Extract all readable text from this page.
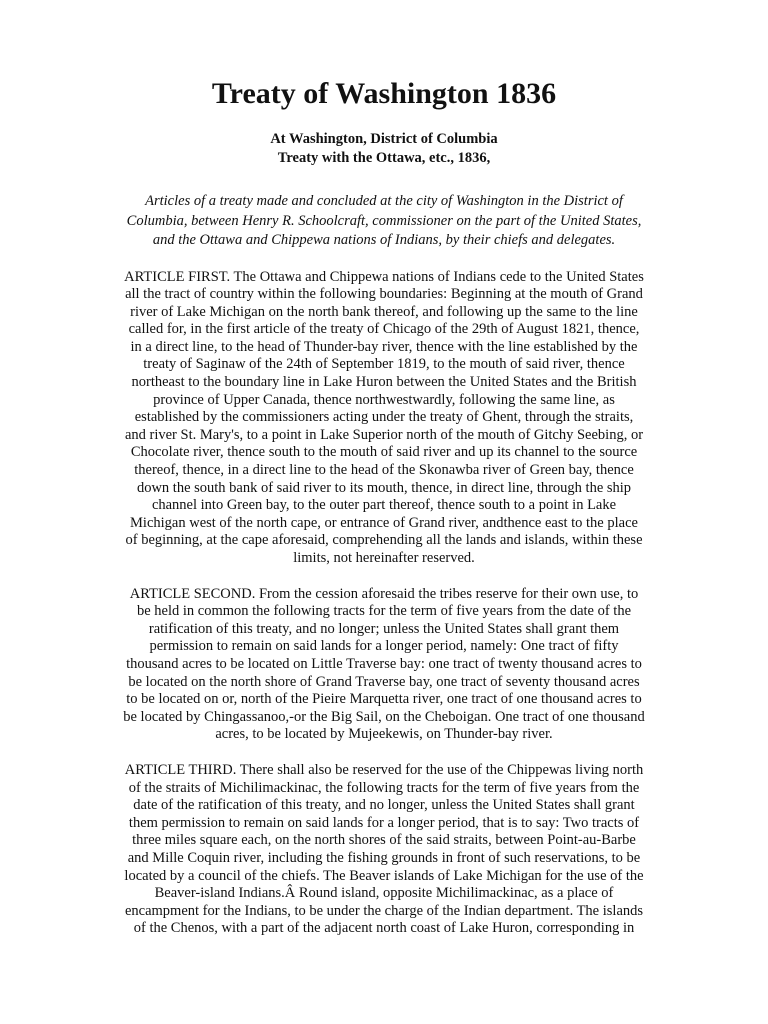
Treaty of Washington 1836
At Washington, District of Columbia
Treaty with the Ottawa, etc., 1836,
Articles of a treaty made and concluded at the city of Washington in the District of
Columbia, between Henry R. Schoolcraft, commissioner on the part of the United States,
and the Ottawa and Chippewa nations of Indians, by their chiefs and delegates.
ARTICLE FIRST. The Ottawa and Chippewa nations of Indians cede to the United States
all the tract of country within the following boundaries: Beginning at the mouth of Grand
river of Lake Michigan on the north bank thereof, and following up the same to the line
called for, in the first article of the treaty of Chicago of the 29th of August 1821, thence,
in a direct line, to the head of Thunder-bay river, thence with the line established by the
treaty of Saginaw of the 24th of September 1819, to the mouth of said river, thence
northeast to the boundary line in Lake Huron between the United States and the British
province of Upper Canada, thence northwestwardly, following the same line, as
established by the commissioners acting under the treaty of Ghent, through the straits,
and river St. Mary's, to a point in Lake Superior north of the mouth of Gitchy Seebing, or
Chocolate river, thence south to the mouth of said river and up its channel to the source
thereof, thence, in a direct line to the head of the Skonawba river of Green bay, thence
down the south bank of said river to its mouth, thence, in direct line, through the ship
channel into Green bay, to the outer part thereof, thence south to a point in Lake
Michigan west of the north cape, or entrance of Grand river, andthence east to the place
of beginning, at the cape aforesaid, comprehending all the lands and islands, within these
limits, not hereinafter reserved.
ARTICLE SECOND. From the cession aforesaid the tribes reserve for their own use, to
be held in common the following tracts for the term of five years from the date of the
ratification of this treaty, and no longer; unless the United States shall grant them
permission to remain on said lands for a longer period, namely: One tract of fifty
thousand acres to be located on Little Traverse bay: one tract of twenty thousand acres to
be located on the north shore of Grand Traverse bay, one tract of seventy thousand acres
to be located on or, north of the Pieire Marquetta river, one tract of one thousand acres to
be located by Chingassanoo,-or the Big Sail, on the Cheboigan. One tract of one thousand
acres, to be located by Mujeekewis, on Thunder-bay river.
ARTICLE THIRD. There shall also be reserved for the use of the Chippewas living north
of the straits of Michilimackinac, the following tracts for the term of five years from the
date of the ratification of this treaty, and no longer, unless the United States shall grant
them permission to remain on said lands for a longer period, that is to say: Two tracts of
three miles square each, on the north shores of the said straits, between Point-au-Barbe
and Mille Coquin river, including the fishing grounds in front of such reservations, to be
located by a council of the chiefs. The Beaver islands of Lake Michigan for the use of the
Beaver-island Indians.Â Round island, opposite Michilimackinac, as a place of
encampment for the Indians, to be under the charge of the Indian department. The islands
of the Chenos, with a part of the adjacent north coast of Lake Huron, corresponding in
